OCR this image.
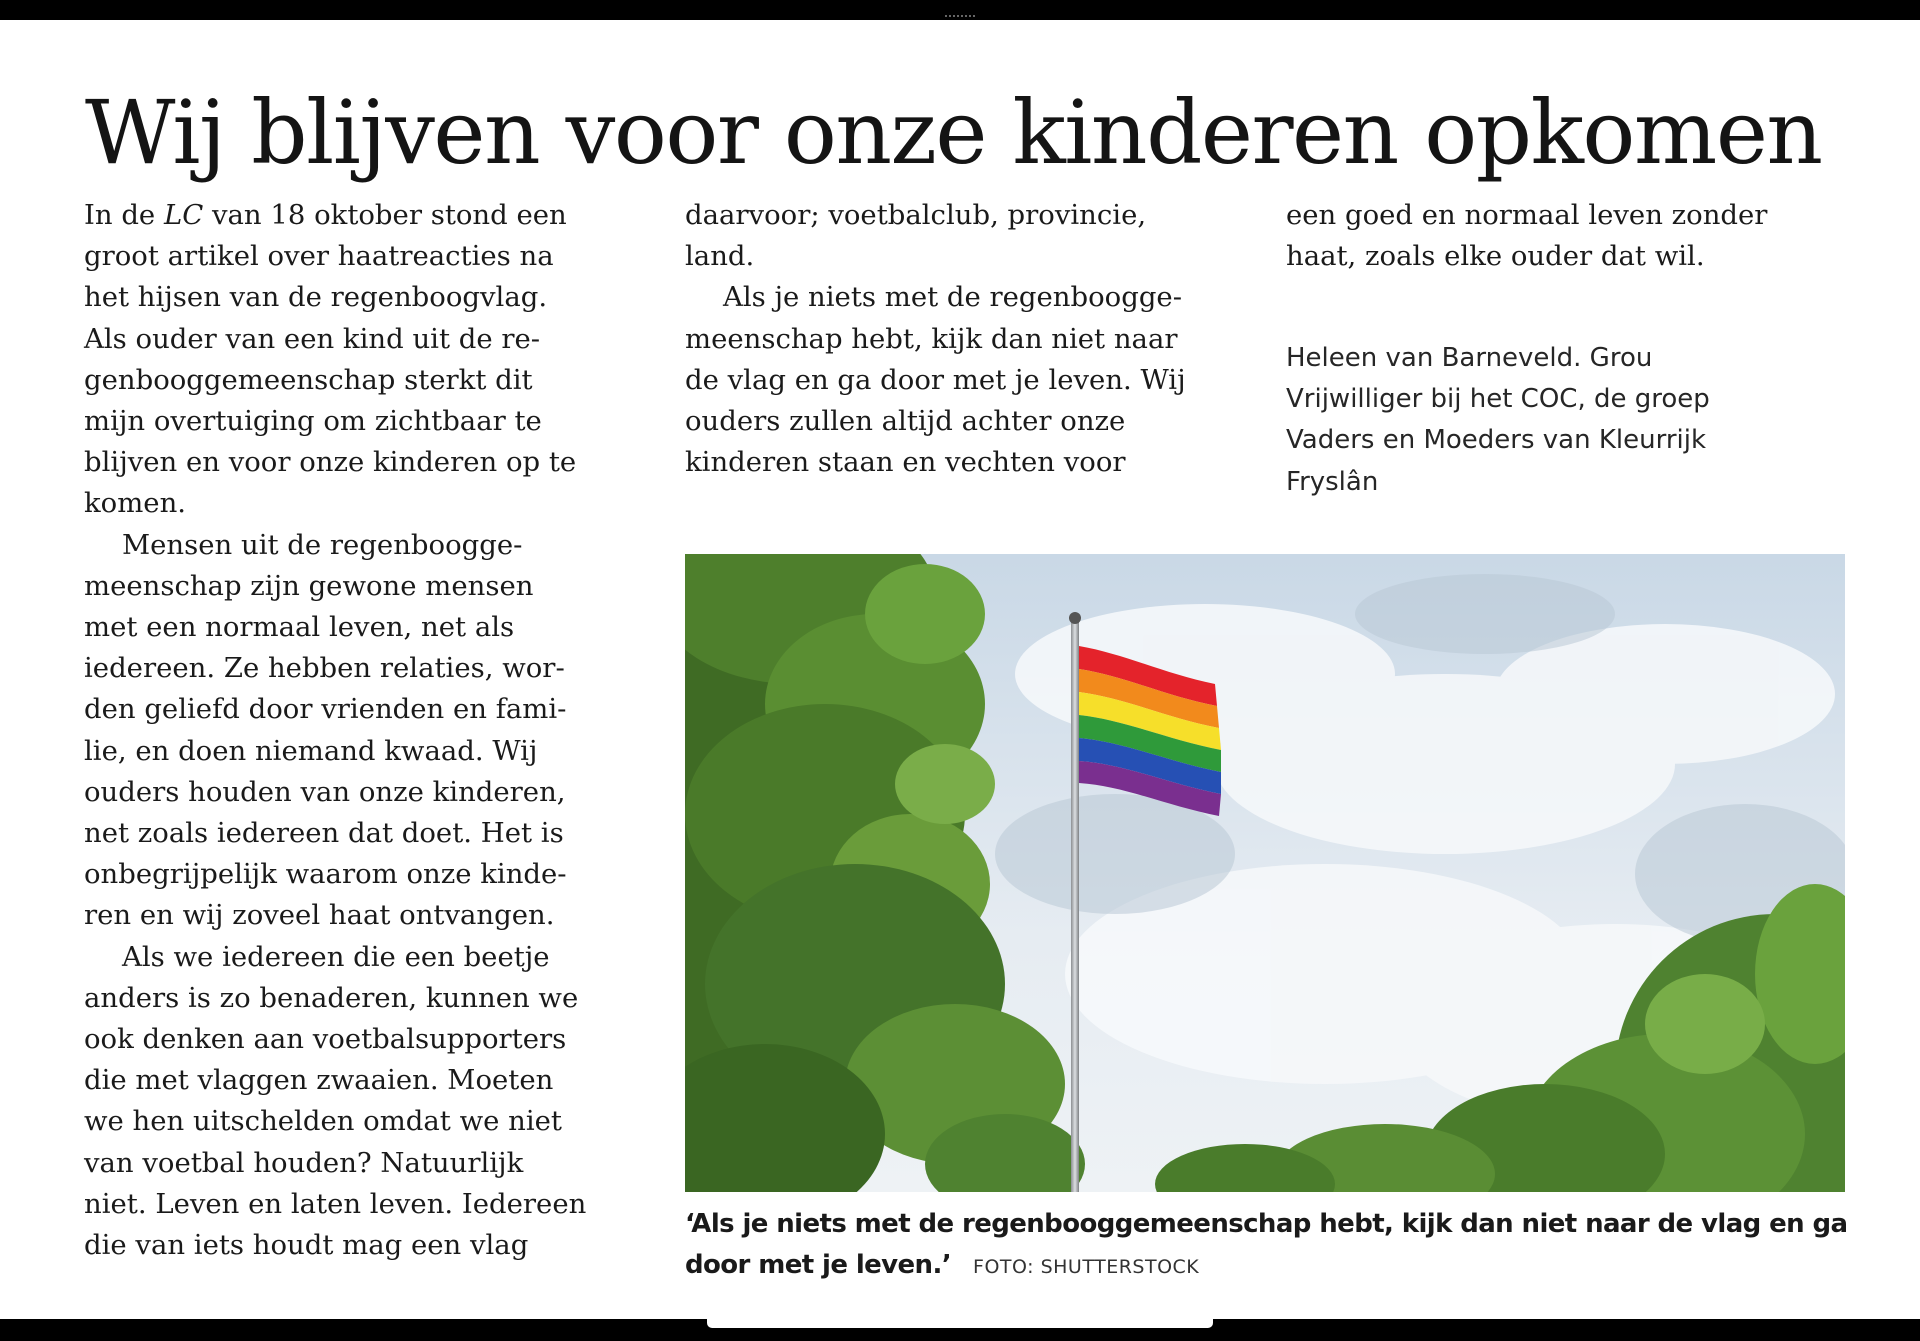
Wij blijven voor onze kinderen opkomen

In de LC van 18 oktober stond een
groot artikel over haatreacties na
het hijsen van de regenboogvlag.
Als ouder van een kind uit de re-
genbooggemeenschap sterkt dit
mijn overtuiging om zichtbaar te
blijven en voor onze kinderen op te
komen.

Mensen uit de regenboogge-
meenschap zijn gewone mensen
met een normaal leven, net als
iedereen. Ze hebben relaties, wor-
den geliefd door vrienden en fami-
lie, en doen niemand kwaad. Wij
ouders houden van onze kinderen,
net zoals iedereen dat doet. Het is
onbegrijpelijk waarom onze kinde-
ren en wij zoveel haat ontvangen.

Als we iedereen die een beetje
anders is zo benaderen, kunnen we
ook denken aan voetbalsupporters
die met vlaggen zwaaien. Moeten
we hen uitschelden omdat we niet
van voetbal houden? Natuurlijk
niet. Leven en laten leven. Iedereen
die van iets houdt mag een vlag

daarvoor; voetbalclub, provincie,
land.

Als je niets met de regenboogge-
meenschap hebt, kijk dan niet naar
de vlag en ga door met je leven. Wij
ouders zullen altijd achter onze
kinderen staan en vechten voor

een goed en normaal leven zonder
haat, zoals elke ouder dat wil.

Heleen van Barneveld. Grou
Vrijwilliger bij het COC, de groep
Vaders en Moeders van Kleurrijk
Fryslân

‘Als je niets met de regenbooggemeenschap hebt, kijk dan niet naar de vlag en ga
door met je leven.’ FOTO: SHUTTERSTOCK
